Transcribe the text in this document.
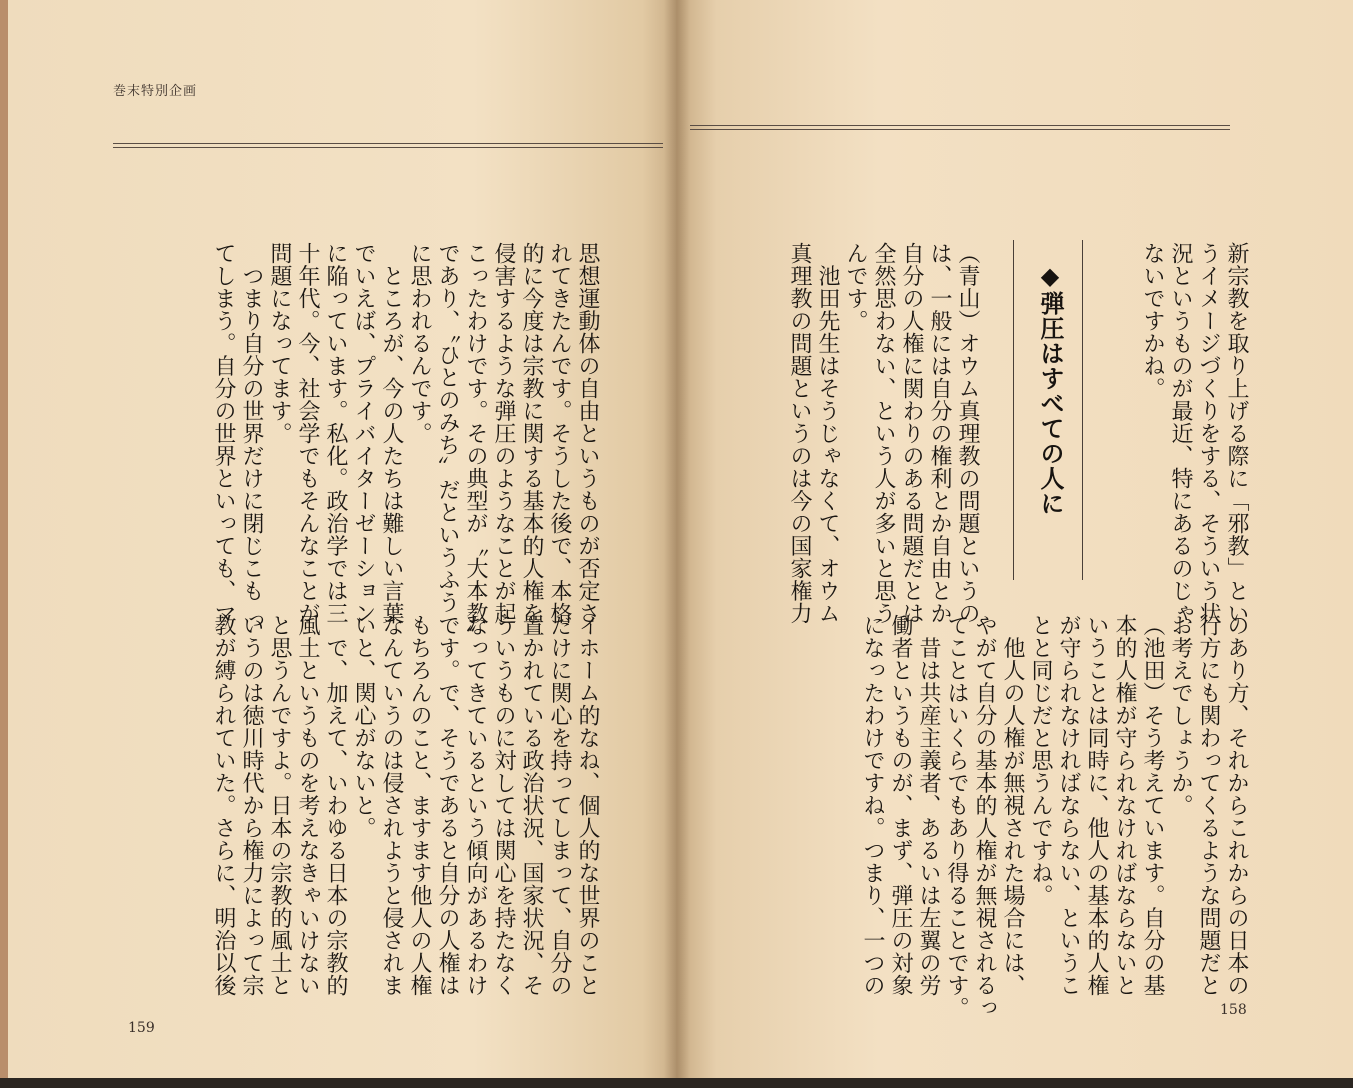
巻末特別企画
思想運動体の自由というものが否定さ
れてきたんです。そうした後で、本格
的に今度は宗教に関する基本的人権を
侵害するような弾圧のようなことが起
こったわけです。その典型が〝大本教〟
であり、〝ひとのみち〟だというふう
に思われるんです。
　ところが、今の人たちは難しい言葉
でいえば、プライバイターゼーション
に陥っています。私化。政治学では三
十年代。今、社会学でもそんなことが
問題になってます。
　つまり自分の世界だけに閉じこも っ
てしまう。自分の世界といっても、マ
イホーム的なね、個人的な世界のこと
だけに関心を持ってしまって、自分の
置かれている政治状況、国家状況、そ
ういうものに対しては関心を持たなく
なってきているという傾向があるわけ
です。で、そうであると自分の人権は
もちろんのこと、ますます他人の人権
なんていうのは侵されようと侵されま
いと、関心がないと。
　で、加えて、いわゆる日本の宗教的
風土というものを考えなきゃいけない
と思うんですよ。日本の宗教的風土と
いうのは徳川時代から権力によって宗
教が縛られていた。さらに、明治以後
新宗教を取り上げる際に「邪教」とい
うイメージづくりをする、そういう状
況というものが最近、特にあるのじゃ
ないですかね。
◆弾圧はすべての人に
（青山）オウム真理教の問題というの
は、一般には自分の権利とか自由とか
自分の人権に関わりのある問題だとは
全然思わない、という人が多いと思う
んです。
　池田先生はそうじゃなくて、オウム
真理教の問題というのは今の国家権力
のあり方、それからこれからの日本の
行方にも関わってくるような問題だと
お考えでしょうか。
（池田）そう考えています。自分の基
本的人権が守られなければならないと
いうことは同時に、他人の基本的人権
が守られなければならない、というこ
とと同じだと思うんですね。
　他人の人権が無視された場合には、
やがて自分の基本的人権が無視されるっ
てことはいくらでもあり得ることです。
　昔は共産主義者、あるいは左翼の労
働者というものが、まず、弾圧の対象
になったわけですね。つまり、一つの
159
158
